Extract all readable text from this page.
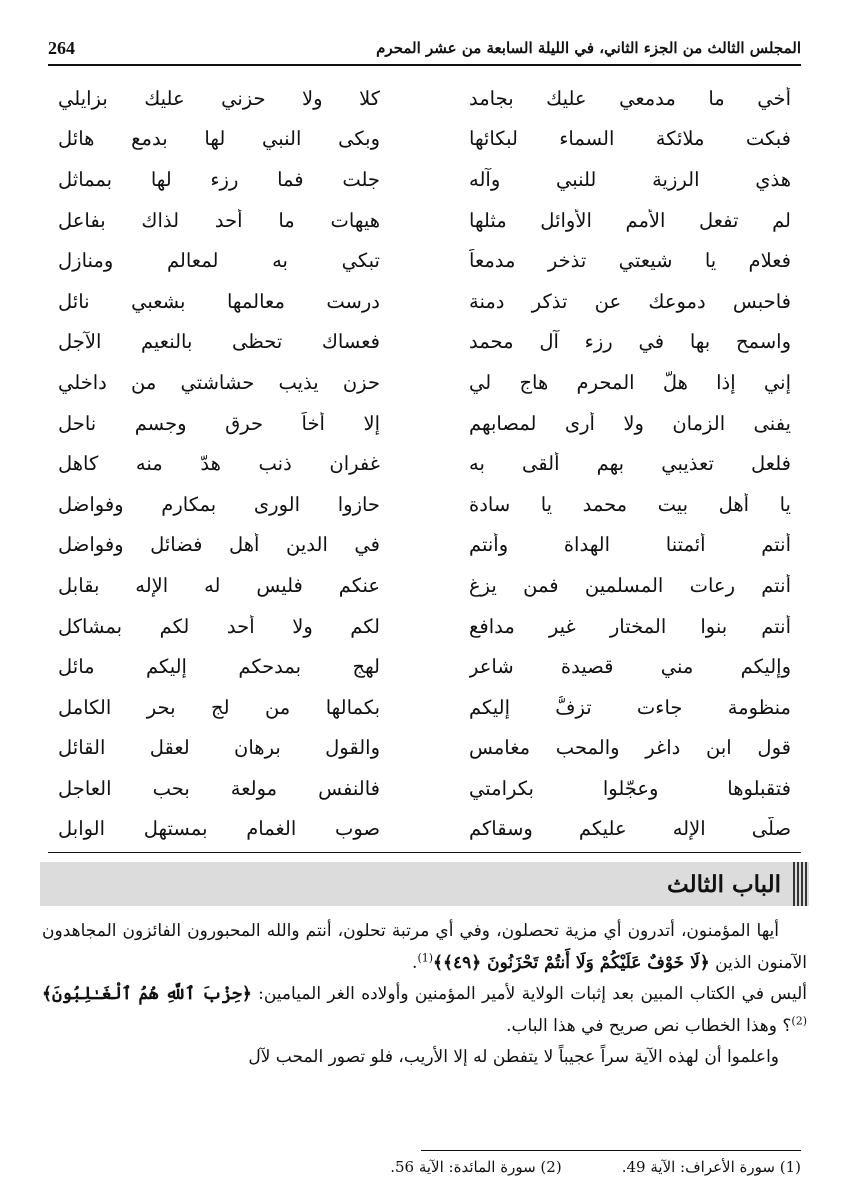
264	المجلس الثالث من الجزء الثاني، في الليلة السابعة من عشر المحرم
أخي ما مدمعي عليك بجامد
كلا ولا حزني عليك بزايلي
فبكت ملائكة السماء لبكائها
وبكى النبي لها بدمع هائل
هذي الرزية للنبي وآله
جلت فما رزء لها بمماثل
لم تفعل الأمم الأوائل مثلها
هيهات ما أحد لذاك بفاعل
فعلام يا شيعتي تذخر مدمعاً
تبكي به لمعالم ومنازل
فاحبس دموعك عن تذكر دمنة
درست معالمها بشعبي نائل
واسمح بها في رزء آل محمد
فعساك تحظى بالنعيم الآجل
إني إذا هلّ المحرم هاج لي
حزن يذيب حشاشتي من داخلي
يفنى الزمان ولا أرى لمصابهم
إلا أخاً حرق وجسم ناحل
فلعل تعذيبي بهم ألقى به
غفران ذنب هدّ منه كاهل
يا أهل بيت محمد يا سادة
حازوا الورى بمكارم وفواضل
أنتم أئمتنا الهداة وأنتم
في الدين أهل فضائل وفواضل
أنتم رعات المسلمين فمن يزغ
عنكم فليس له الإله بقابل
أنتم بنوا المختار غير مدافع
لكم ولا أحد لكم بمشاكل
وإليكم مني قصيدة شاعر
لهج بمدحكم إليكم مائل
منظومة جاءت تزفُّ إليكم
بكمالها من لج بحر الكامل
قول ابن داغر والمحب مغامس
والقول برهان لعقل القائل
فتقبلوها وعجّلوا بكرامتي
فالنفس مولعة بحب العاجل
صلّى الإله عليكم وسقاكم
صوب الغمام بمستهل الوابل
الباب الثالث

أيها المؤمنون، أتدرون أي مزية تحصلون، وفي أي مرتبة تحلون، أنتم والله المحبورون الفائزون المجاهدون الآمنون الذين ﴿لَا خَوْفٌ عَلَيْكُمْ وَلَا أَنتُمْ تَحْزَنُونَ ﴿٤٩﴾﴾$^{(1)}$.

أليس في الكتاب المبين بعد إثبات الولاية لأمير المؤمنين وأولاده الغر الميامين: ﴿حِزْبَ ٱللَّهِ هُمُ ٱلْغَـٰلِبُونَ﴾$^{(2)}$؟ وهذا الخطاب نص صريح في هذا الباب.

واعلموا أن لهذه الآية سراً عجيباً لا يتفطن له إلا الأريب، فلو تصور المحب لآل

(1) سورة الأعراف: الآية 49.
(2) سورة المائدة: الآية 56.
